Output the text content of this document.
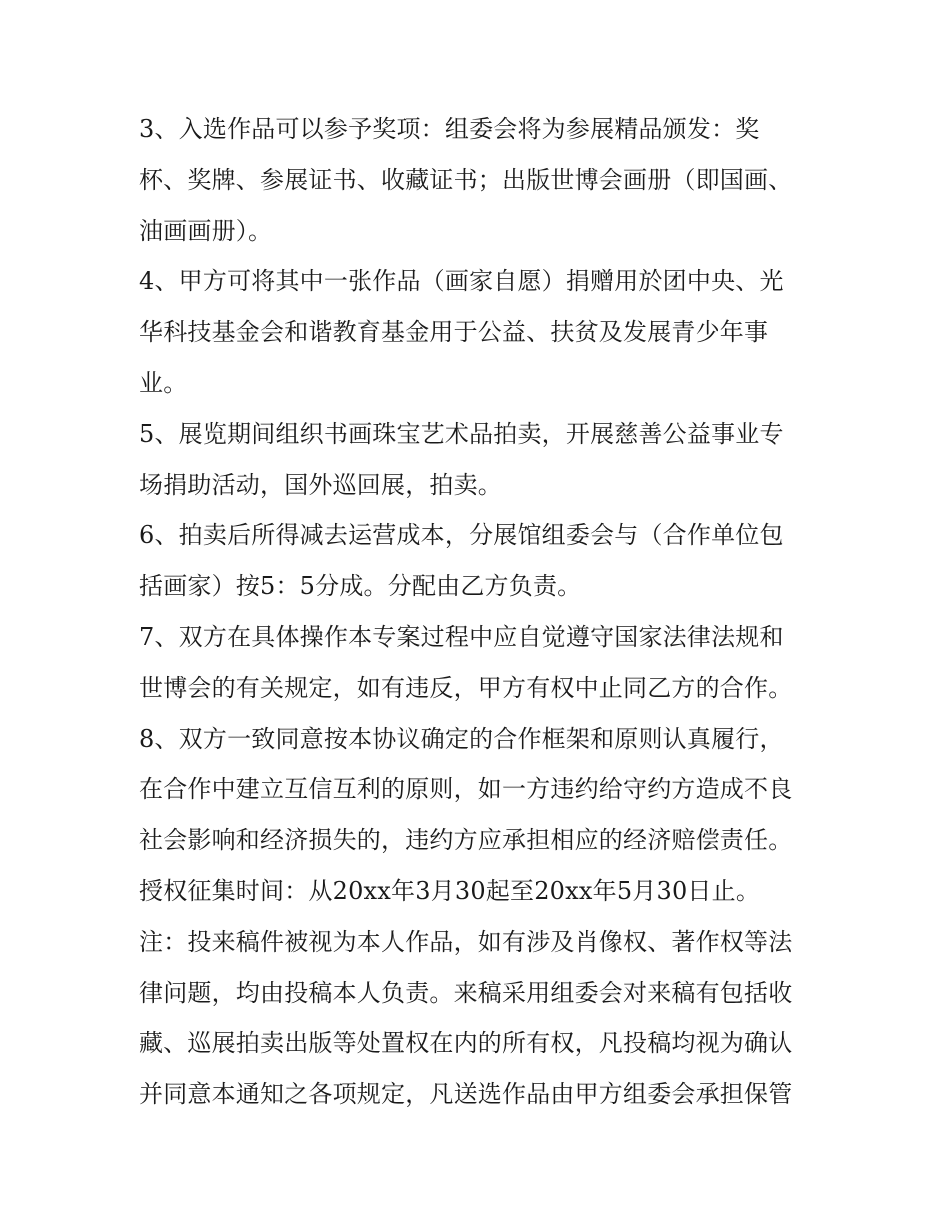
3、入选作品可以参予奖项：组委会将为参展精品颁发：奖
杯、奖牌、参展证书、收藏证书；出版世博会画册（即国画、
油画画册）。
4、甲方可将其中一张作品（画家自愿）捐赠用於团中央、光
华科技基金会和谐教育基金用于公益、扶贫及发展青少年事
业。
5、展览期间组织书画珠宝艺术品拍卖，开展慈善公益事业专
场捐助活动，国外巡回展，拍卖。
6、拍卖后所得减去运营成本，分展馆组委会与（合作单位包
括画家）按5：5分成。分配由乙方负责。
7、双方在具体操作本专案过程中应自觉遵守国家法律法规和
世博会的有关规定，如有违反，甲方有权中止同乙方的合作。
8、双方一致同意按本协议确定的合作框架和原则认真履行，
在合作中建立互信互利的原则，如一方违约给守约方造成不良
社会影响和经济损失的，违约方应承担相应的经济赔偿责任。
授权征集时间：从20xx年3月30起至20xx年5月30日止。
注：投来稿件被视为本人作品，如有涉及肖像权、著作权等法
律问题，均由投稿本人负责。来稿采用组委会对来稿有包括收
藏、巡展拍卖出版等处置权在内的所有权，凡投稿均视为确认
并同意本通知之各项规定，凡送选作品由甲方组委会承担保管
